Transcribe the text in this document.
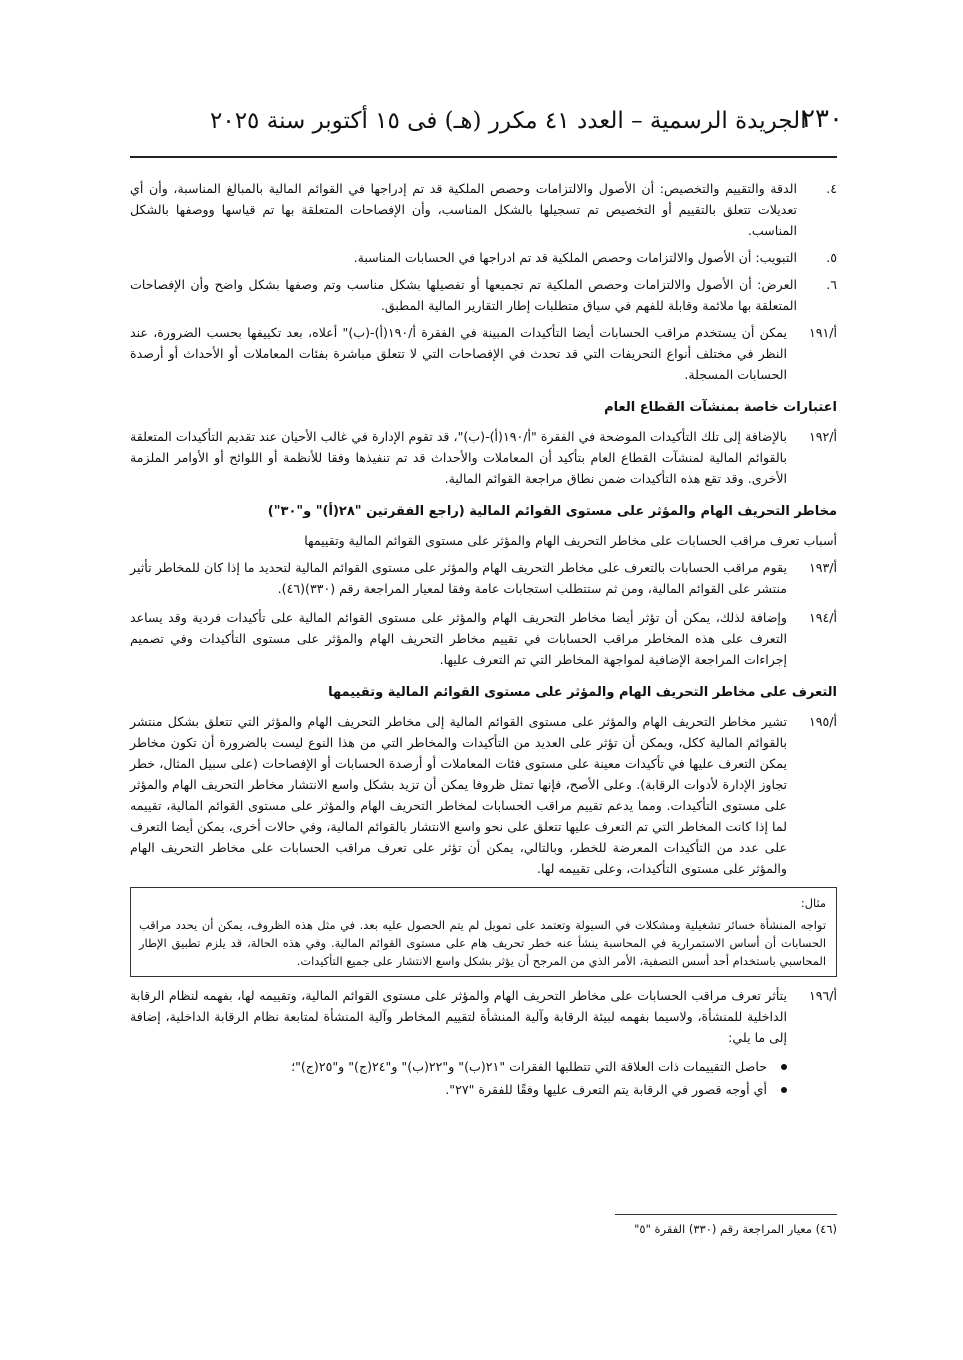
٢٣٠
الجريدة الرسمية – العدد ٤١ مكرر (هـ) فى ١٥ أكتوبر سنة ٢٠٢٥
٤.
الدقة والتقييم والتخصيص: أن الأصول والالتزامات وحصص الملكية قد تم إدراجها في القوائم المالية بالمبالغ المناسبة، وأن أي تعديلات تتعلق بالتقييم أو التخصيص تم تسجيلها بالشكل المناسب، وأن الإفصاحات المتعلقة بها تم قياسها ووصفها بالشكل المناسب.
٥.
التبويب: أن الأصول والالتزامات وحصص الملكية قد تم ادراجها في الحسابات المناسبة.
٦.
العرض: أن الأصول والالتزامات وحصص الملكية تم تجميعها أو تفصيلها بشكل مناسب وتم وصفها بشكل واضح وأن الإفصاحات المتعلقة بها ملائمة وقابلة للفهم في سياق متطلبات إطار التقارير المالية المطبق.
أ/١٩١
يمكن أن يستخدم مراقب الحسابات أيضا التأكيدات المبينة في الفقرة أ/١٩٠(أ)-(ب)" أعلاه، بعد تكييفها بحسب الضرورة، عند النظر في مختلف أنواع التحريفات التي قد تحدث في الإفصاحات التي لا تتعلق مباشرة بفئات المعاملات أو الأحداث أو أرصدة الحسابات المسجلة.
اعتبارات خاصة بمنشآت القطاع العام
أ/١٩٢
بالإضافة إلى تلك التأكيدات الموضحة في الفقرة "أ/١٩٠(أ)-(ب)"، قد تقوم الإدارة في غالب الأحيان عند تقديم التأكيدات المتعلقة بالقوائم المالية لمنشآت القطاع العام بتأكيد أن المعاملات والأحداث قد تم تنفيذها وفقا للأنظمة أو اللوائح أو الأوامر الملزمة الأخرى. وقد تقع هذه التأكيدات ضمن نطاق مراجعة القوائم المالية.
مخاطر التحريف الهام والمؤثر على مستوى القوائم المالية (راجع الفقرتين "٢٨(أ)" و"٣٠")
أسباب تعرف مراقب الحسابات على مخاطر التحريف الهام والمؤثر على مستوى القوائم المالية وتقييمها
أ/١٩٣
يقوم مراقب الحسابات بالتعرف على مخاطر التحريف الهام والمؤثر على مستوى القوائم المالية لتحديد ما إذا كان للمخاطر تأثير منتشر على القوائم المالية، ومن ثم ستتطلب استجابات عامة وفقا لمعيار المراجعة رقم (٣٣٠)(٤٦).
أ/١٩٤
وإضافة لذلك، يمكن أن تؤثر أيضا مخاطر التحريف الهام والمؤثر على مستوى القوائم المالية على تأكيدات فردية وقد يساعد التعرف على هذه المخاطر مراقب الحسابات في تقييم مخاطر التحريف الهام والمؤثر على مستوى التأكيدات وفي تصميم إجراءات المراجعة الإضافية لمواجهة المخاطر التي تم التعرف عليها.
التعرف على مخاطر التحريف الهام والمؤثر على مستوى القوائم المالية وتقييمها
أ/١٩٥
تشير مخاطر التحريف الهام والمؤثر على مستوى القوائم المالية إلى مخاطر التحريف الهام والمؤثر التي تتعلق بشكل منتشر بالقوائم المالية ككل، ويمكن أن تؤثر على العديد من التأكيدات والمخاطر التي من هذا النوع ليست بالضرورة أن تكون مخاطر يمكن التعرف عليها في تأكيدات معينة على مستوى فئات المعاملات أو أرصدة الحسابات أو الإفصاحات (على سبيل المثال، خطر تجاوز الإدارة لأدوات الرقابة). وعلى الأصح، فإنها تمثل ظروفا يمكن أن تزيد بشكل واسع الانتشار مخاطر التحريف الهام والمؤثر على مستوى التأكيدات. ومما يدعم تقييم مراقب الحسابات لمخاطر التحريف الهام والمؤثر على مستوى القوائم المالية، تقييمه لما إذا كانت المخاطر التي تم التعرف عليها تتعلق على نحو واسع الانتشار بالقوائم المالية، وفي حالات أخرى، يمكن أيضا التعرف على عدد من التأكيدات المعرضة للخطر، وبالتالي، يمكن أن تؤثر على تعرف مراقب الحسابات على مخاطر التحريف الهام والمؤثر على مستوى التأكيدات، وعلى تقييمه لها.
مثال:
تواجه المنشأة خسائر تشغيلية ومشكلات في السيولة وتعتمد على تمويل لم يتم الحصول عليه بعد. في مثل هذه الظروف، يمكن أن يحدد مراقب الحسابات أن أساس الاستمرارية في المحاسبة ينشأ عنه خطر تحريف هام على مستوى القوائم المالية. وفي هذه الحالة، قد يلزم تطبيق الإطار المحاسبي باستخدام أحد أسس التصفية، الأمر الذي من المرجح أن يؤثر بشكل واسع الانتشار على جميع التأكيدات.
أ/١٩٦
يتأثر تعرف مراقب الحسابات على مخاطر التحريف الهام والمؤثر على مستوى القوائم المالية، وتقييمه لها، بفهمه لنظام الرقابة الداخلية للمنشأة، ولاسيما بفهمه لبيئة الرقابة وآلية المنشأة لتقييم المخاطر وآلية المنشأة لمتابعة نظام الرقابة الداخلية، إضافة إلى ما يلي:
حاصل التقييمات ذات العلاقة التي تتطلبها الفقرات "٢١(ب)" و"٢٢(ب)" و"٢٤(ج)" و"٢٥(ج)"؛
أي أوجه قصور في الرقابة يتم التعرف عليها وفقًا للفقرة "٢٧".
(٤٦) معيار المراجعة رقم (٣٣٠) الفقرة "٥"
